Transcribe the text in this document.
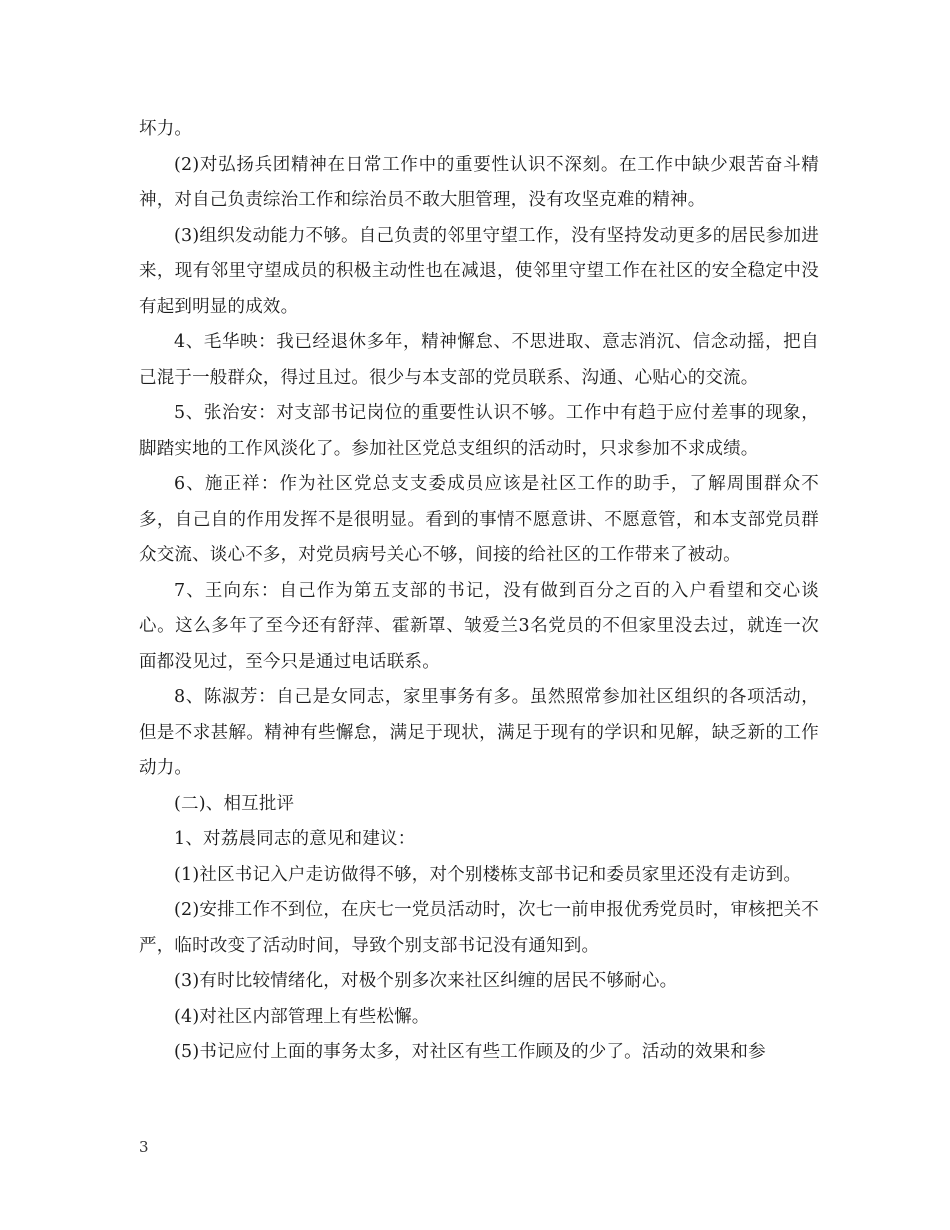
坏力。

(2)对弘扬兵团精神在日常工作中的重要性认识不深刻。在工作中缺少艰苦奋斗精神，对自己负责综治工作和综治员不敢大胆管理，没有攻坚克难的精神。

(3)组织发动能力不够。自己负责的邻里守望工作，没有坚持发动更多的居民参加进来，现有邻里守望成员的积极主动性也在减退，使邻里守望工作在社区的安全稳定中没有起到明显的成效。

4、毛华映：我已经退休多年，精神懈怠、不思进取、意志消沉、信念动摇，把自己混于一般群众，得过且过。很少与本支部的党员联系、沟通、心贴心的交流。

5、张治安：对支部书记岗位的重要性认识不够。工作中有趋于应付差事的现象，脚踏实地的工作风淡化了。参加社区党总支组织的活动时，只求参加不求成绩。

6、施正祥：作为社区党总支支委成员应该是社区工作的助手，了解周围群众不多，自己自的作用发挥不是很明显。看到的事情不愿意讲、不愿意管，和本支部党员群众交流、谈心不多，对党员病号关心不够，间接的给社区的工作带来了被动。

7、王向东：自己作为第五支部的书记，没有做到百分之百的入户看望和交心谈心。这么多年了至今还有舒萍、霍新罩、皱爱兰3名党员的不但家里没去过，就连一次面都没见过，至今只是通过电话联系。

8、陈淑芳：自己是女同志，家里事务有多。虽然照常参加社区组织的各项活动，但是不求甚解。精神有些懈怠，满足于现状，满足于现有的学识和见解，缺乏新的工作动力。

(二)、相互批评

1、对荔晨同志的意见和建议：

(1)社区书记入户走访做得不够，对个别楼栋支部书记和委员家里还没有走访到。

(2)安排工作不到位，在庆七一党员活动时，次七一前申报优秀党员时，审核把关不严，临时改变了活动时间，导致个别支部书记没有通知到。

(3)有时比较情绪化，对极个别多次来社区纠缠的居民不够耐心。

(4)对社区内部管理上有些松懈。

(5)书记应付上面的事务太多，对社区有些工作顾及的少了。活动的效果和参

3
